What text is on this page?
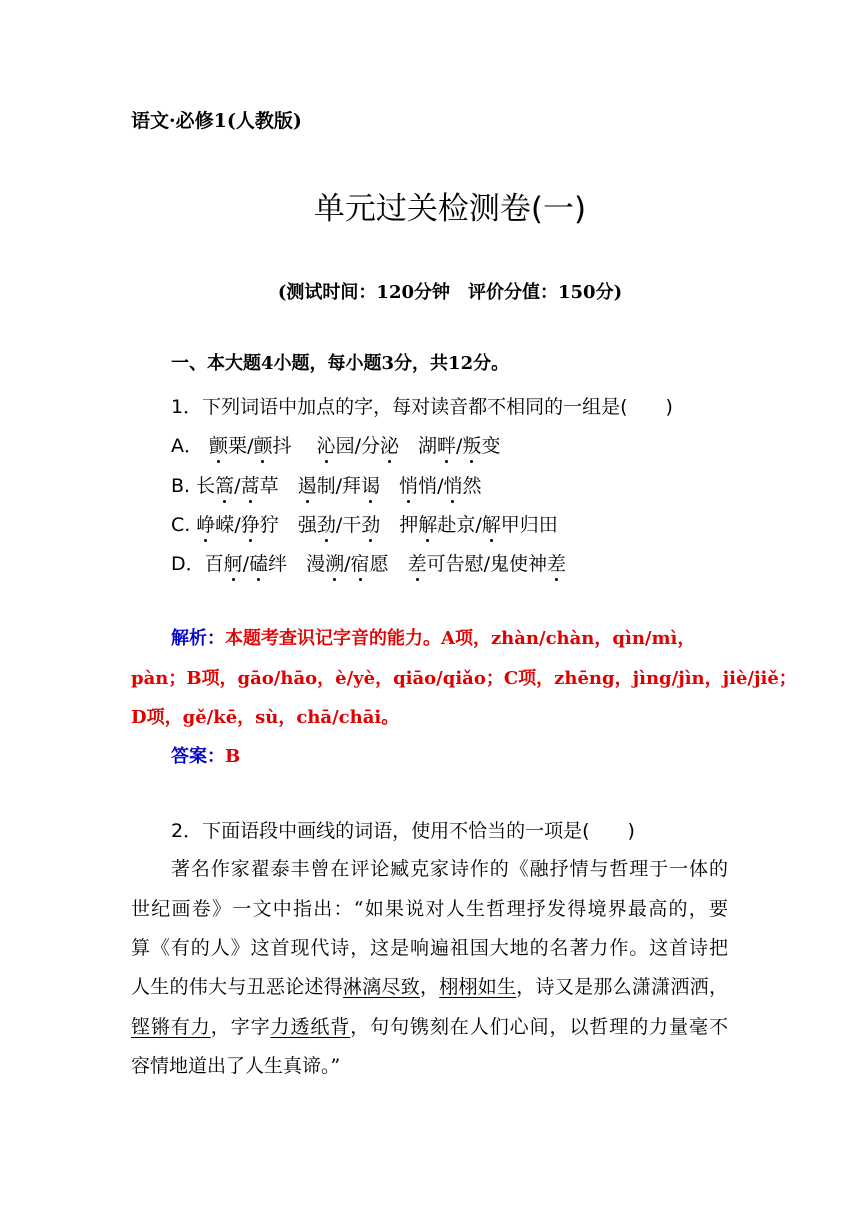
语文·必修1(人教版)
单元过关检测卷(一)
(测试时间：120分钟　评价分值：150分)
一、本大题4小题，每小题3分，共12分。
1．下列词语中加点的字，每对读音都不相同的一组是(　　)
A． 颤栗/颤抖　 沁园/分泌　湖畔/叛变
B. 长篙/蒿草　遏制/拜谒　 悄悄/悄然
C. 峥嵘/狰狞　强劲/干劲　 押解赴京/解甲归田
D．百舸/磕绊　漫溯/宿愿　差可告慰/鬼使神差
解析：本题考查识记字音的能力。A项，zhàn/chàn，qìn/mì，
pàn；B项，gāo/hāo，è/yè，qiāo/qiǎo；C项，zhēng，jìng/jìn，jiè/jiě；
D项，gě/kē，sù，chā/chāi。
答案：B
2．下面语段中画线的词语，使用不恰当的一项是(　　)
著名作家翟泰丰曾在评论臧克家诗作的《融抒情与哲理于一体的
世纪画卷》一文中指出：“如果说对人生哲理抒发得境界最高的，要
算《有的人》这首现代诗，这是响遍祖国大地的名著力作。这首诗把
人生的伟大与丑恶论述得淋漓尽致，栩栩如生，诗又是那么潇潇洒洒，
铿锵有力，字字力透纸背，句句镌刻在人们心间，以哲理的力量毫不
容情地道出了人生真谛。”
